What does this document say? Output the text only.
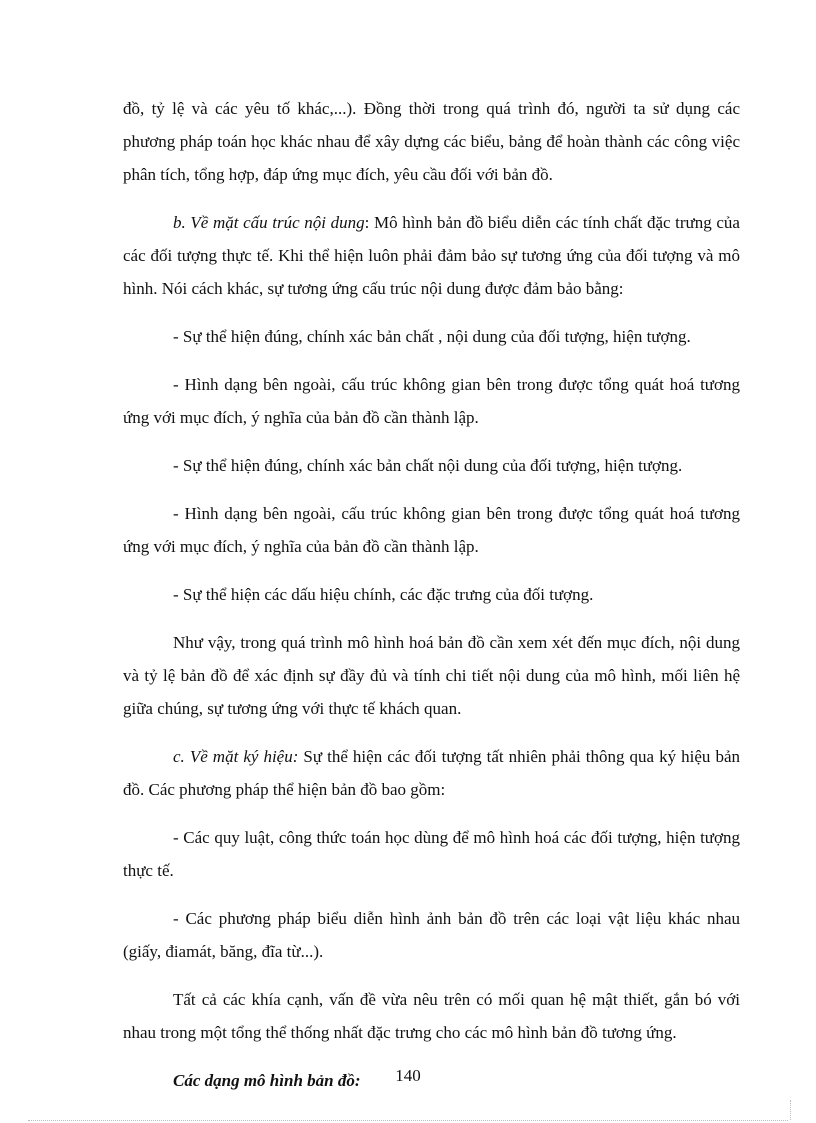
đồ, tỷ lệ và các yêu tố khác,...). Đồng thời trong quá trình đó, người ta sử dụng các phương pháp toán học khác nhau để xây dựng các biểu, bảng để hoàn thành các công việc phân tích, tổng hợp, đáp ứng mục đích, yêu cầu đối với bản đồ.

b. Về mặt cấu trúc nội dung: Mô hình bản đồ biểu diễn các tính chất đặc trưng của các đối tượng thực tế. Khi thể hiện luôn phải đảm bảo sự tương ứng của đối tượng và mô hình. Nói cách khác, sự tương ứng cấu trúc nội dung được đảm bảo bằng:

- Sự thể hiện đúng, chính xác bản chất , nội dung của đối tượng, hiện tượng.

- Hình dạng bên ngoài, cấu trúc không gian bên trong được tổng quát hoá tương ứng với mục đích, ý nghĩa của bản đồ cần thành lập.

- Sự thể hiện đúng, chính xác bản chất nội dung của đối tượng, hiện tượng.

- Hình dạng bên ngoài, cấu trúc không gian bên trong được tổng quát hoá tương ứng với mục đích, ý nghĩa của bản đồ cần thành lập.

- Sự thể hiện các dấu hiệu chính, các đặc trưng của đối tượng.

Như vậy, trong quá trình mô hình hoá bản đồ cần xem xét đến mục đích, nội dung và tỷ lệ bản đồ để xác định sự đầy đủ và tính chi tiết nội dung của mô hình, mối liên hệ giữa chúng, sự tương ứng với thực tế khách quan.

c. Về mặt ký hiệu: Sự thể hiện các đối tượng tất nhiên phải thông qua ký hiệu bản đồ. Các phương pháp thể hiện bản đồ bao gồm:

- Các quy luật, công thức toán học dùng để mô hình hoá các đối tượng, hiện tượng thực tế.

- Các phương pháp biểu diễn hình ảnh bản đồ trên các loại vật liệu khác nhau (giấy, điamát, băng, đĩa từ...).

Tất cả các khía cạnh, vấn đề vừa nêu trên có mối quan hệ mật thiết, gắn bó với nhau trong một tổng thể thống nhất đặc trưng cho các mô hình bản đồ tương ứng.

Các dạng mô hình bản đồ:	140
